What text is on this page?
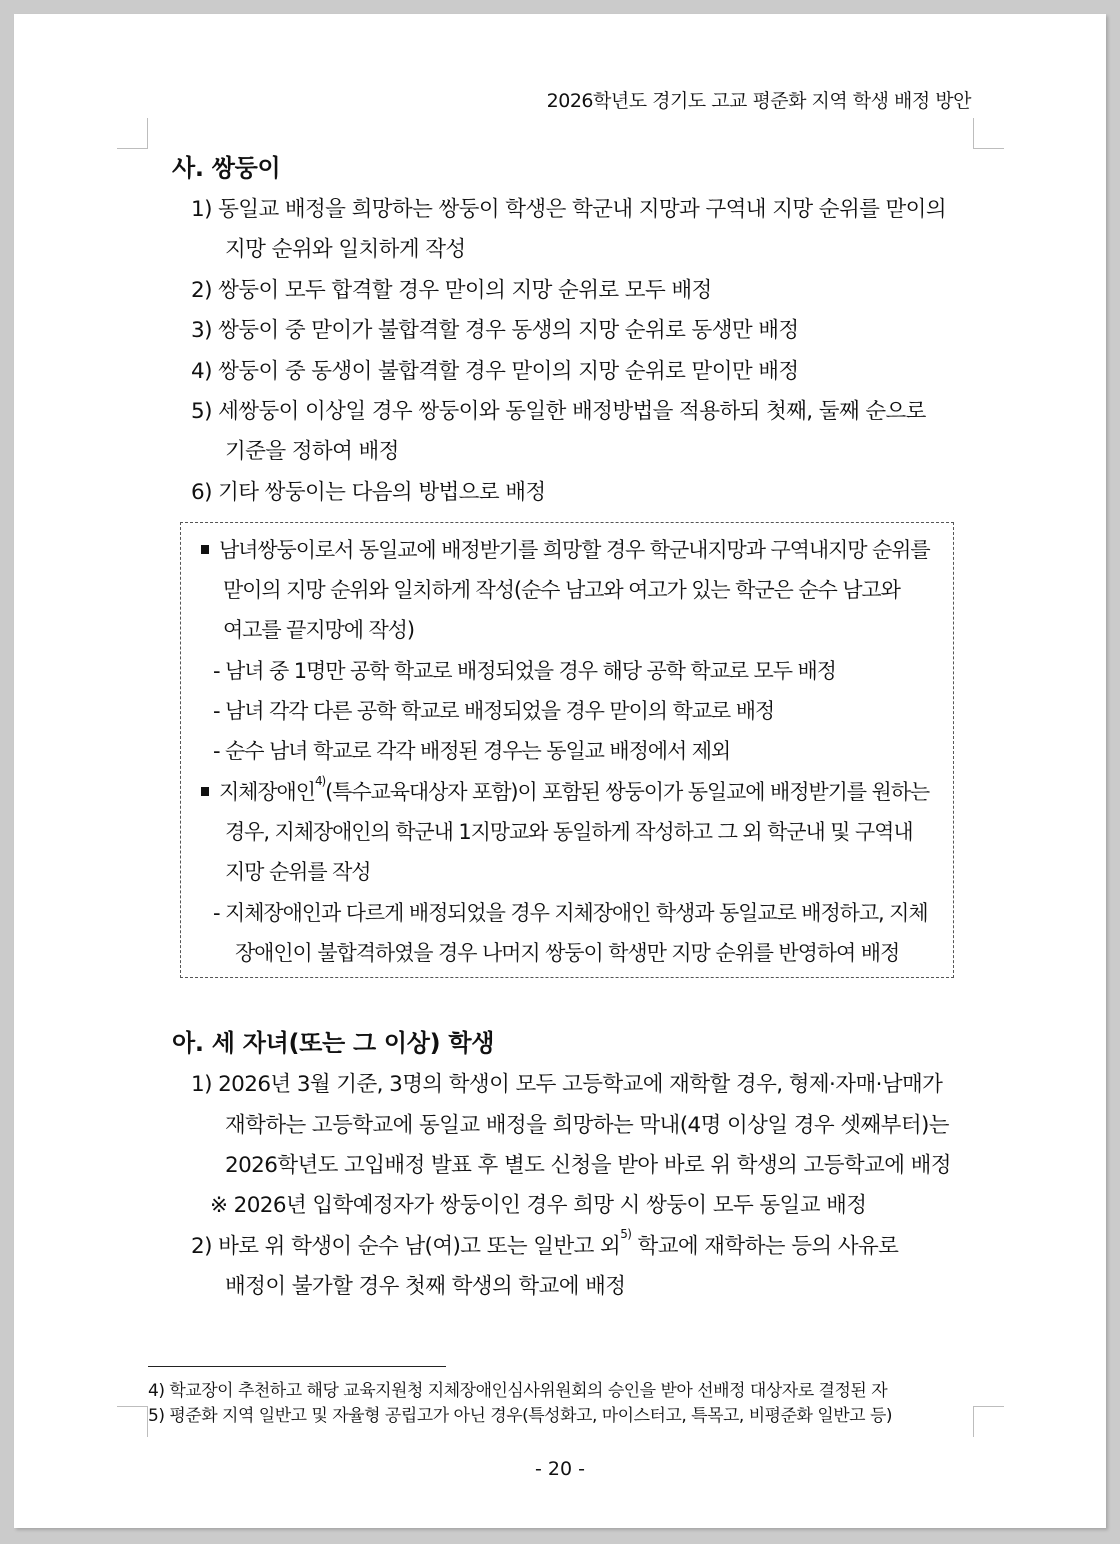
2026학년도 경기도 고교 평준화 지역 학생 배정 방안
사. 쌍둥이
1) 동일교 배정을 희망하는 쌍둥이 학생은 학군내 지망과 구역내 지망 순위를 맏이의
지망 순위와 일치하게 작성
2) 쌍둥이 모두 합격할 경우 맏이의 지망 순위로 모두 배정
3) 쌍둥이 중 맏이가 불합격할 경우 동생의 지망 순위로 동생만 배정
4) 쌍둥이 중 동생이 불합격할 경우 맏이의 지망 순위로 맏이만 배정
5) 세쌍둥이 이상일 경우 쌍둥이와 동일한 배정방법을 적용하되 첫째, 둘째 순으로
기준을 정하여 배정
6) 기타 쌍둥이는 다음의 방법으로 배정
남녀쌍둥이로서 동일교에 배정받기를 희망할 경우 학군내지망과 구역내지망 순위를
맏이의 지망 순위와 일치하게 작성(순수 남고와 여고가 있는 학군은 순수 남고와
여고를 끝지망에 작성)
- 남녀 중 1명만 공학 학교로 배정되었을 경우 해당 공학 학교로 모두 배정
- 남녀 각각 다른 공학 학교로 배정되었을 경우 맏이의 학교로 배정
- 순수 남녀 학교로 각각 배정된 경우는 동일교 배정에서 제외
지체장애인$^{4)}$(특수교육대상자 포함)이 포함된 쌍둥이가 동일교에 배정받기를 원하는
경우, 지체장애인의 학군내 1지망교와 동일하게 작성하고 그 외 학군내 및 구역내
지망 순위를 작성
- 지체장애인과 다르게 배정되었을 경우 지체장애인 학생과 동일교로 배정하고, 지체
장애인이 불합격하였을 경우 나머지 쌍둥이 학생만 지망 순위를 반영하여 배정
아. 세 자녀(또는 그 이상) 학생
1) 2026년 3월 기준, 3명의 학생이 모두 고등학교에 재학할 경우, 형제·자매·남매가
재학하는 고등학교에 동일교 배정을 희망하는 막내(4명 이상일 경우 셋째부터)는
2026학년도 고입배정 발표 후 별도 신청을 받아 바로 위 학생의 고등학교에 배정
※ 2026년 입학예정자가 쌍둥이인 경우 희망 시 쌍둥이 모두 동일교 배정
2) 바로 위 학생이 순수 남(여)고 또는 일반고 외$^{5)}$ 학교에 재학하는 등의 사유로
배정이 불가할 경우 첫째 학생의 학교에 배정
4) 학교장이 추천하고 해당 교육지원청 지체장애인심사위원회의 승인을 받아 선배정 대상자로 결정된 자
5) 평준화 지역 일반고 및 자율형 공립고가 아닌 경우(특성화고, 마이스터고, 특목고, 비평준화 일반고 등)
- 20 -
